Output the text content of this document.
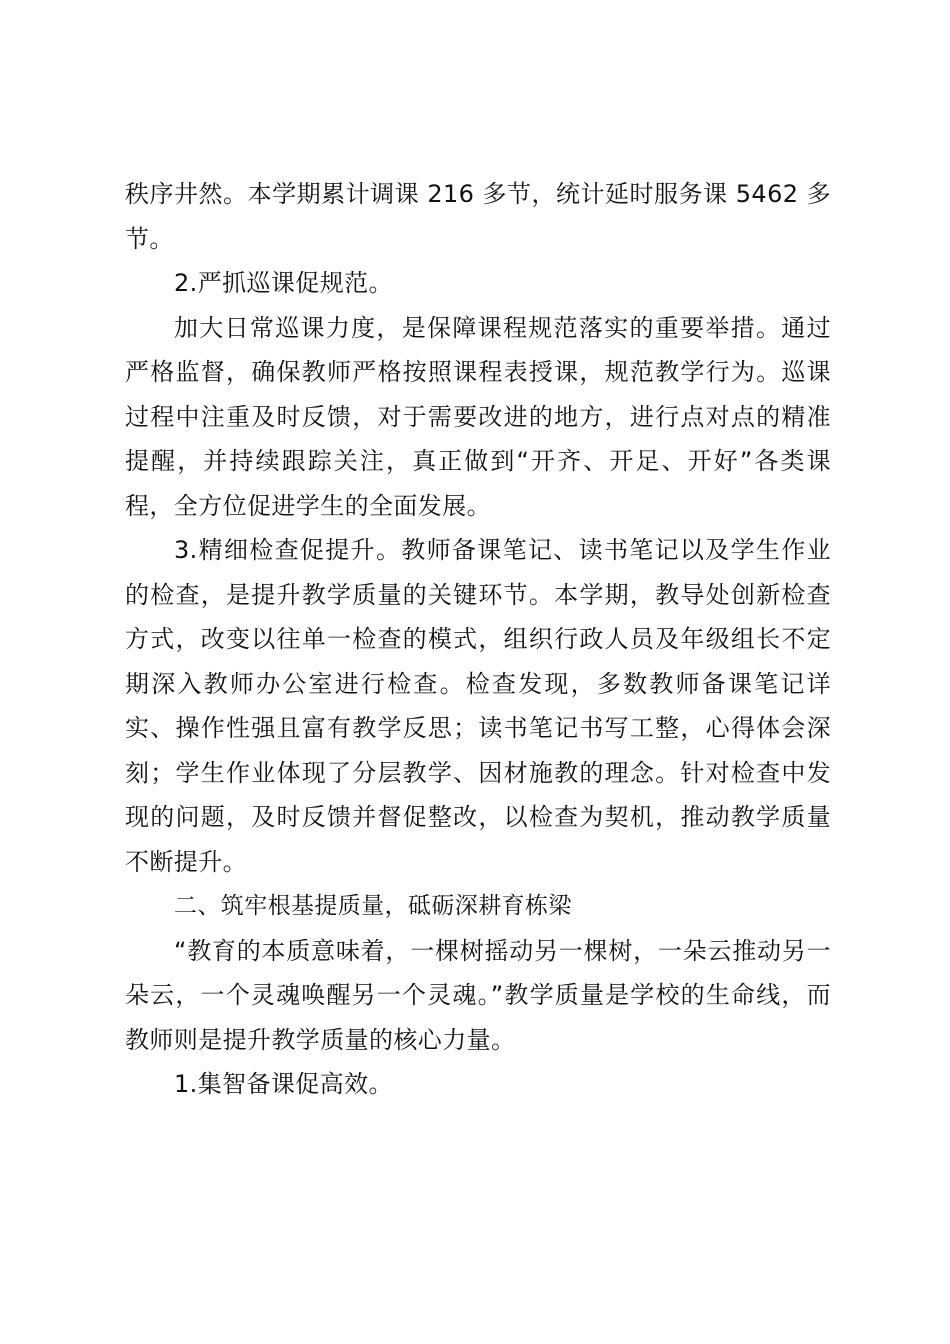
秩序井然。本学期累计调课 216 多节，统计延时服务课 5462 多节。

2.严抓巡课促规范。

加大日常巡课力度，是保障课程规范落实的重要举措。通过严格监督，确保教师严格按照课程表授课，规范教学行为。巡课过程中注重及时反馈，对于需要改进的地方，进行点对点的精准提醒，并持续跟踪关注，真正做到“开齐、开足、开好”各类课程，全方位促进学生的全面发展。

3.精细检查促提升。教师备课笔记、读书笔记以及学生作业的检查，是提升教学质量的关键环节。本学期，教导处创新检查方式，改变以往单一检查的模式，组织行政人员及年级组长不定期深入教师办公室进行检查。检查发现，多数教师备课笔记详实、操作性强且富有教学反思；读书笔记书写工整，心得体会深刻；学生作业体现了分层教学、因材施教的理念。针对检查中发现的问题，及时反馈并督促整改，以检查为契机，推动教学质量不断提升。

二、筑牢根基提质量，砥砺深耕育栋梁

“教育的本质意味着，一棵树摇动另一棵树，一朵云推动另一朵云，一个灵魂唤醒另一个灵魂。”教学质量是学校的生命线，而教师则是提升教学质量的核心力量。

1.集智备课促高效。
